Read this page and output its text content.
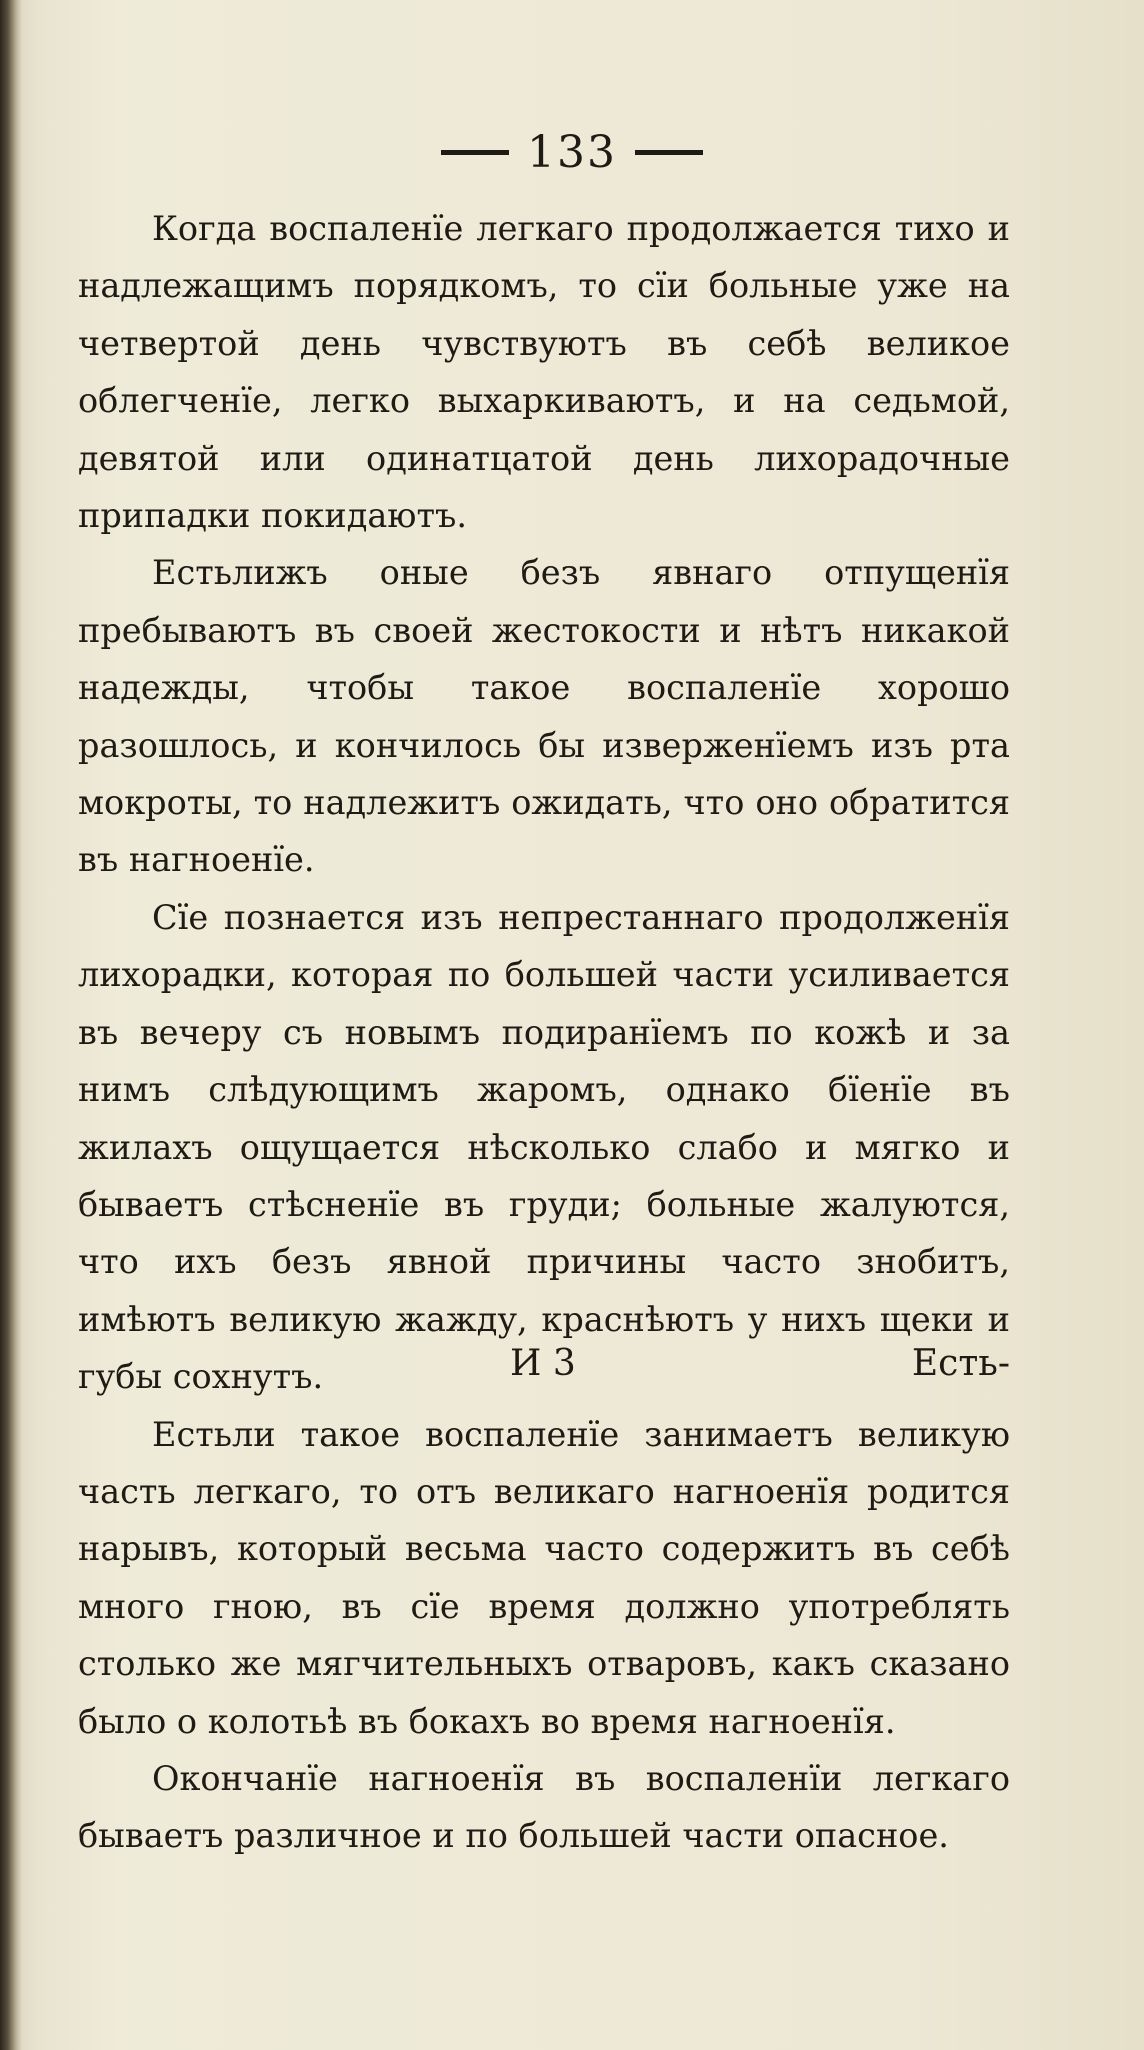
133

Когда воспаленїе легкаго продолжается тихо и надлежащимъ порядкомъ, то сїи больные уже на четвертой день чувствуютъ въ себѣ великое облегченїе, легко выхаркиваютъ, и на седьмой, девятой или одинатцатой день лихорадочные припадки покидаютъ.

Естьлижъ оные безъ явнаго отпущенїя пребываютъ въ своей жестокости и нѣтъ никакой надежды, чтобы такое воспаленїе хорошо разошлось, и кончилось бы изверженїемъ изъ рта мокроты, то надлежитъ ожидать, что оно обратится въ нагноенїе.

Сїе познается изъ непрестаннаго продолженїя лихорадки, которая по большей части усиливается въ вечеру съ новымъ подиранїемъ по кожѣ и за нимъ слѣдующимъ жаромъ, однако бїенїе въ жилахъ ощущается нѣсколько слабо и мягко и бываетъ стѣсненїе въ груди; больные жалуются, что ихъ безъ явной причины часто знобитъ, имѣютъ великую жажду, краснѣютъ у нихъ щеки и губы сохнутъ.

Естьли такое воспаленїе занимаетъ великую часть легкаго, то отъ великаго нагноенїя родится нарывъ, который весьма часто содержитъ въ себѣ много гною, въ сїе время должно употреблять столько же мягчительныхъ отваровъ, какъ сказано было о колотьѣ въ бокахъ во время нагноенїя.

Окончанїе нагноенїя въ воспаленїи легкаго бываетъ различное и по большей части опасное.

И 3	Есть-
